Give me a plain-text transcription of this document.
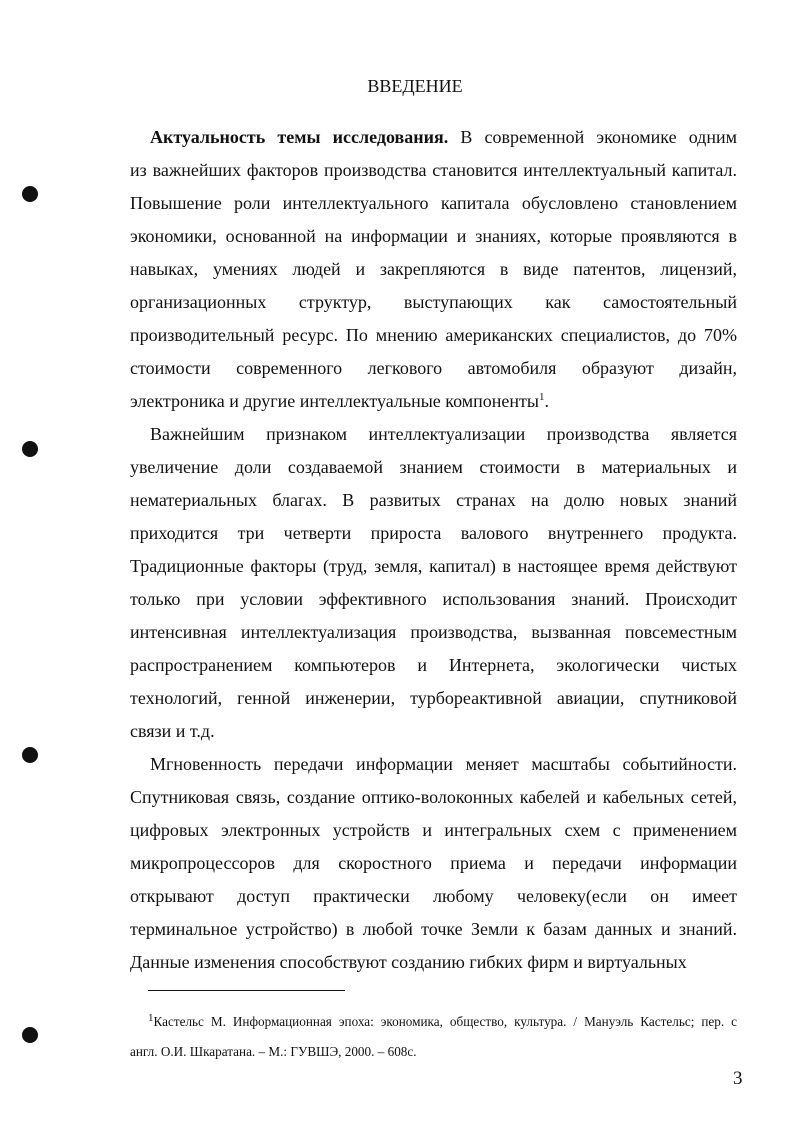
ВВЕДЕНИЕ
Актуальность темы исследования. В современной экономике одним
из важнейших факторов производства становится интеллектуальный капитал.
Повышение роли интеллектуального капитала обусловлено становлением
экономики, основанной на информации и знаниях, которые проявляются в
навыках, умениях людей и закрепляются в виде патентов, лицензий,
организационных структур, выступающих как самостоятельный
производительный ресурс. По мнению американских специалистов, до 70%
стоимости современного легкового автомобиля образуют дизайн,
электроника и другие интеллектуальные компоненты$^1$.
Важнейшим признаком интеллектуализации производства является
увеличение доли создаваемой знанием стоимости в материальных и
нематериальных благах. В развитых странах на долю новых знаний
приходится три четверти прироста валового внутреннего продукта.
Традиционные факторы (труд, земля, капитал) в настоящее время действуют
только при условии эффективного использования знаний. Происходит
интенсивная интеллектуализация производства, вызванная повсеместным
распространением компьютеров и Интернета, экологически чистых
технологий, генной инженерии, турбореактивной авиации, спутниковой
связи и т.д.
Мгновенность передачи информации меняет масштабы событийности.
Спутниковая связь, создание оптико-волоконных кабелей и кабельных сетей,
цифровых электронных устройств и интегральных схем с применением
микропроцессоров для скоростного приема и передачи информации
открывают доступ практически любому человеку(если он имеет
терминальное устройство) в любой точке Земли к базам данных и знаний.
Данные изменения способствуют созданию гибких фирм и виртуальных
$^1$Кастельс М. Информационная эпоха: экономика, общество, культура. / Мануэль Кастельс; пер. с
англ. О.И. Шкаратана. – М.: ГУВШЭ, 2000. – 608с.
3
